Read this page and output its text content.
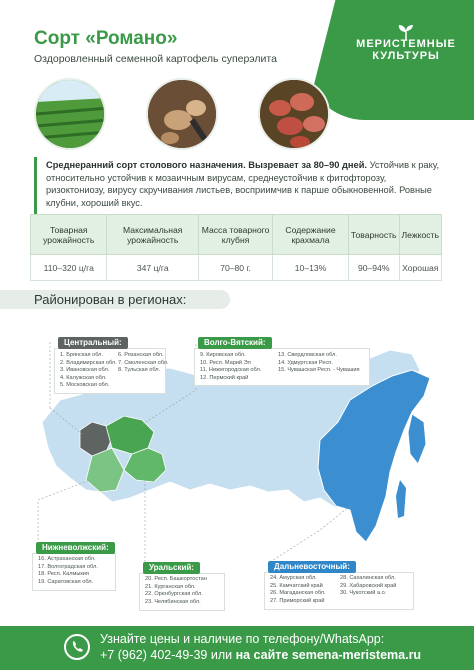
МЕРИСТЕМНЫЕ
КУЛЬТУРЫ
Сорт «Романо»
Оздоровленный семенной картофель суперэлита
Среднеранний сорт столового назначения. Вызревает за 80–90 дней. Устойчив к раку, относительно устойчив к мозаичным вирусам, среднеустойчив к фитофторозу, ризоктониозу, вирусу скручивания листьев, восприимчив к парше обыкновенной. Ровные клубни, хороший вкус.
Товарная урожайность	Максимальная урожайность	Масса товарного клубня	Содержание крахмала	Товарность	Лежкость
110–320 ц/га	347 ц/га	70–80 г.	10–13%	90–94%	Хорошая
Районирован в регионах:
Центральный:
1. Брянская обл.
2. Владимирская обл.
3. Ивановская обл.
4. Калужская обл.
5. Московская обл.
6. Рязанская обл.
7. Смоленская обл.
8. Тульская обл.
Волго-Вятский:
9. Кировская обл.
10. Респ. Марий Эл
11. Нижегородская обл.
12. Пермский край
13. Свердловская обл.
14. Удмуртская Респ.
15. Чувашская Респ. - Чувашия
Нижневолжский:
16. Астраханская обл.
17. Волгоградская обл.
18. Респ. Калмыкия
19. Саратовская обл.
Уральский:
20. Респ. Башкортостан
21. Курганская обл.
22. Оренбургская обл.
23. Челябинская обл.
Дальневосточный:
24. Амурская обл.
25. Камчатский край
26. Магаданская обл.
27. Приморский край
28. Сахалинская обл.
29. Хабаровский край
30. Чукотский а.о.
Узнайте цены и наличие по телефону/WhatsApp:
+7 (962) 402-49-39 или на сайте semena-meristema.ru
